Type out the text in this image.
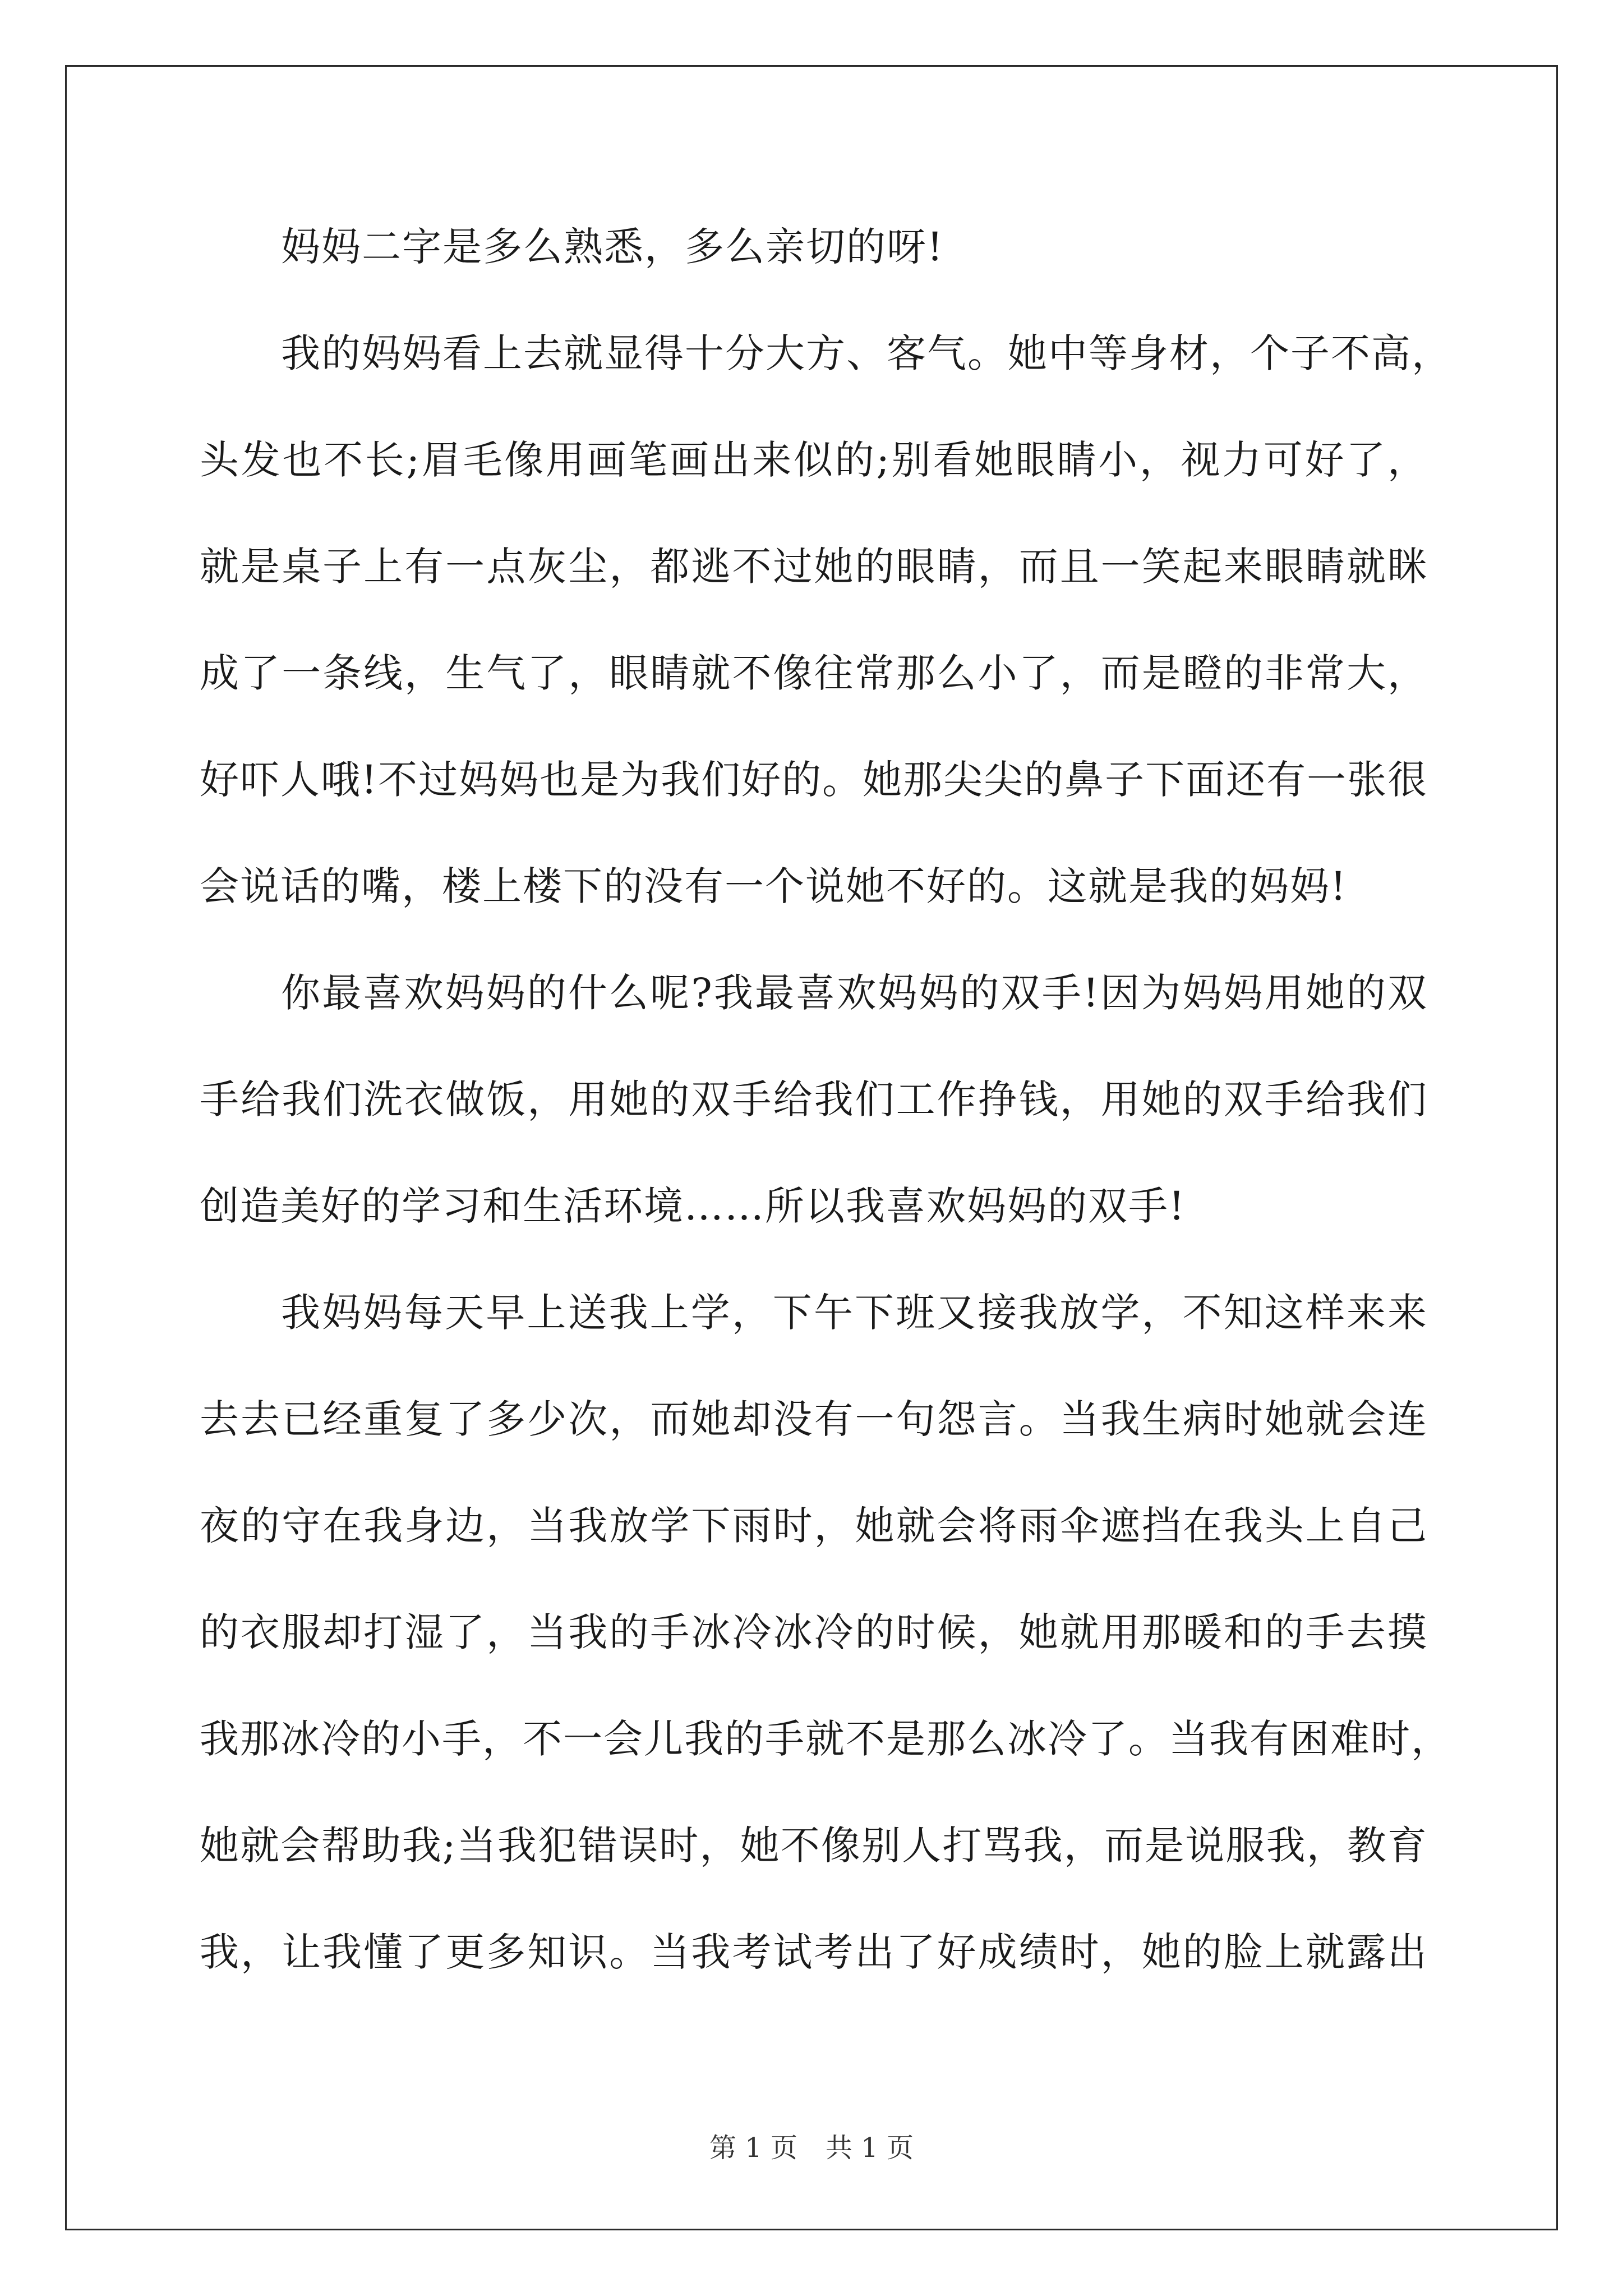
妈妈二字是多么熟悉，多么亲切的呀!
我的妈妈看上去就显得十分大方、客气。她中等身材，个子不高，
头发也不长;眉毛像用画笔画出来似的;别看她眼睛小，视力可好了，
就是桌子上有一点灰尘，都逃不过她的眼睛，而且一笑起来眼睛就眯
成了一条线，生气了，眼睛就不像往常那么小了，而是瞪的非常大，
好吓人哦!不过妈妈也是为我们好的。她那尖尖的鼻子下面还有一张很
会说话的嘴，楼上楼下的没有一个说她不好的。这就是我的妈妈!
你最喜欢妈妈的什么呢?我最喜欢妈妈的双手!因为妈妈用她的双
手给我们洗衣做饭，用她的双手给我们工作挣钱，用她的双手给我们
创造美好的学习和生活环境……所以我喜欢妈妈的双手!
我妈妈每天早上送我上学，下午下班又接我放学，不知这样来来
去去已经重复了多少次，而她却没有一句怨言。当我生病时她就会连
夜的守在我身边，当我放学下雨时，她就会将雨伞遮挡在我头上自己
的衣服却打湿了，当我的手冰冷冰冷的时候，她就用那暖和的手去摸
我那冰冷的小手，不一会儿我的手就不是那么冰冷了。当我有困难时，
她就会帮助我;当我犯错误时，她不像别人打骂我，而是说服我，教育
我，让我懂了更多知识。当我考试考出了好成绩时，她的脸上就露出
第 1 页 共 1 页
